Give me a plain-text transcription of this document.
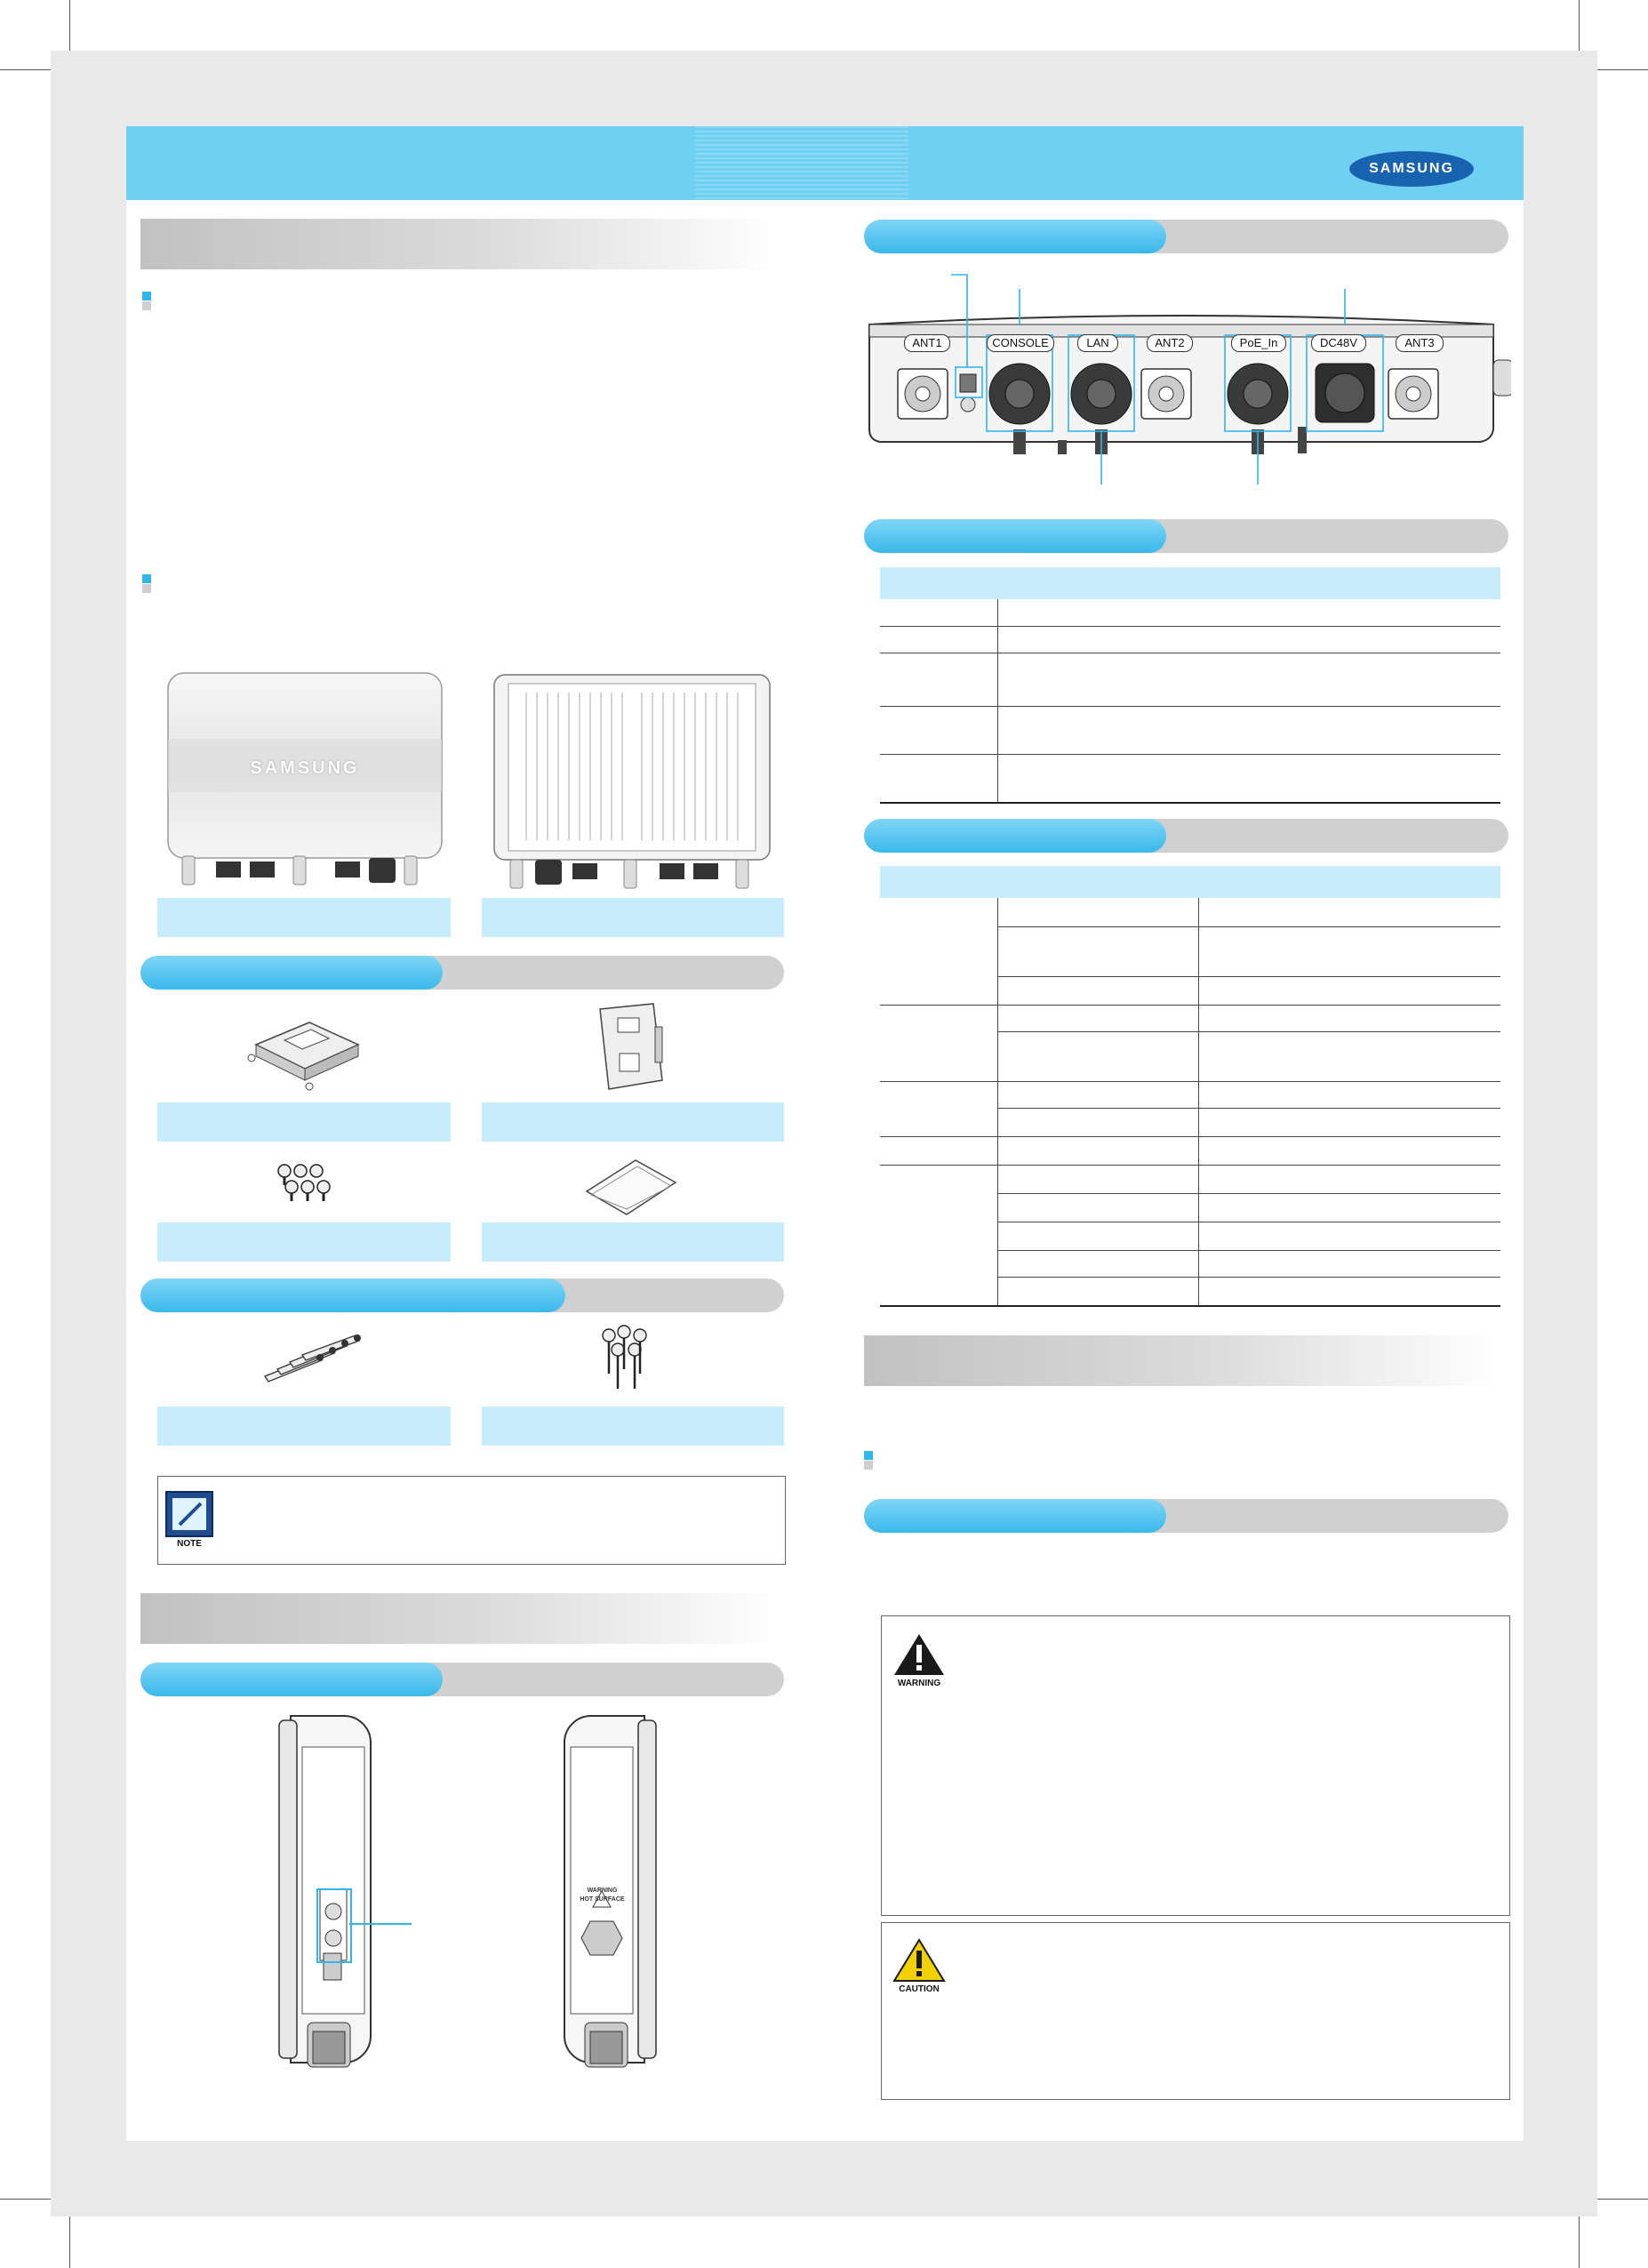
SAMSUNG
SAMSUNG
NOTE
WARNING
HOT SURFACE
ANT1	CONSOLE	LAN	ANT2	PoE_In	DC48V	ANT3
WARNING
CAUTION
